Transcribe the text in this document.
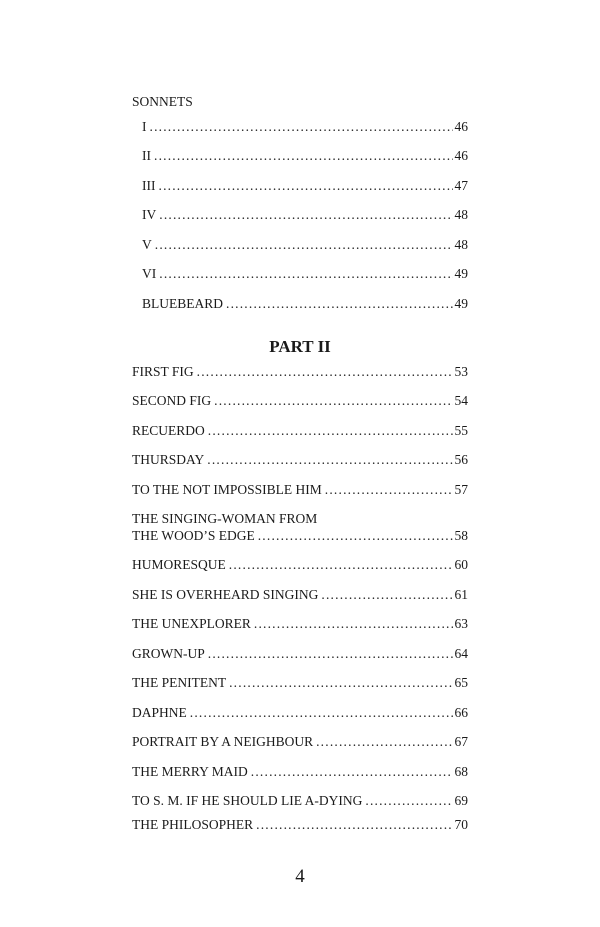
SONNETS
I .....	46
II .....	46
III .....	47
IV .....	48
V .....	48
VI .....	49
BLUEBEARD .....	49
PART II
FIRST FIG .....	53
SECOND FIG .....	54
RECUERDO .....	55
THURSDAY .....	56
TO THE NOT IMPOSSIBLE HIM .....	57
THE SINGING-WOMAN FROM
THE WOOD’S EDGE .....	58
HUMORESQUE .....	60
SHE IS OVERHEARD SINGING .....	61
THE UNEXPLORER .....	63
GROWN-UP .....	64
THE PENITENT .....	65
DAPHNE .....	66
PORTRAIT BY A NEIGHBOUR .....	67
THE MERRY MAID .....	68
TO S. M. IF HE SHOULD LIE A-DYING .....	69
THE PHILOSOPHER .....	70
4
